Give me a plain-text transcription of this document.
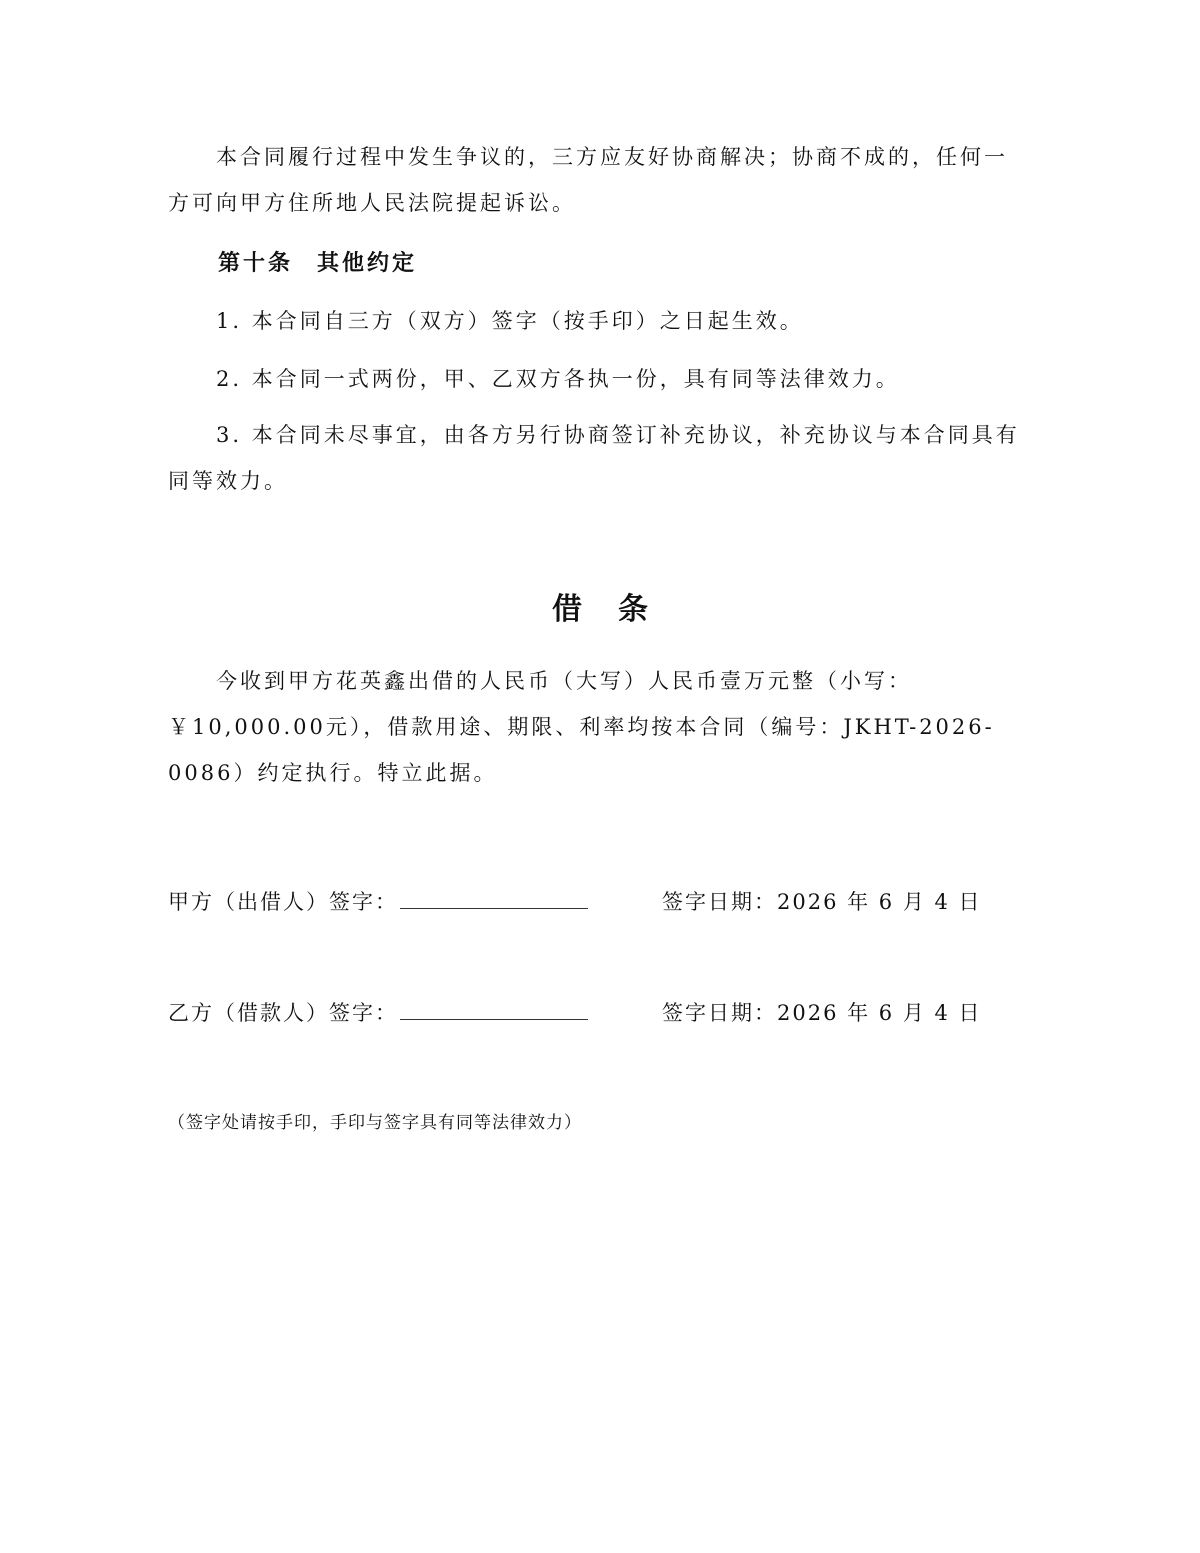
本合同履行过程中发生争议的，三方应友好协商解决；协商不成的，任何一方可向甲方住所地人民法院提起诉讼。

第十条 其他约定

1. 本合同自三方（双方）签字（按手印）之日起生效。

2. 本合同一式两份，甲、乙双方各执一份，具有同等法律效力。

3. 本合同未尽事宜，由各方另行协商签订补充协议，补充协议与本合同具有同等效力。

借条

今收到甲方花英鑫出借的人民币（大写）人民币壹万元整（小写：￥10,000.00元），借款用途、期限、利率均按本合同（编号：JKHT-2026-0086）约定执行。特立此据。

甲方（出借人）签字：	签字日期：2026 年 6 月 4 日
乙方（借款人）签字：	签字日期：2026 年 6 月 4 日

（签字处请按手印，手印与签字具有同等法律效力）
